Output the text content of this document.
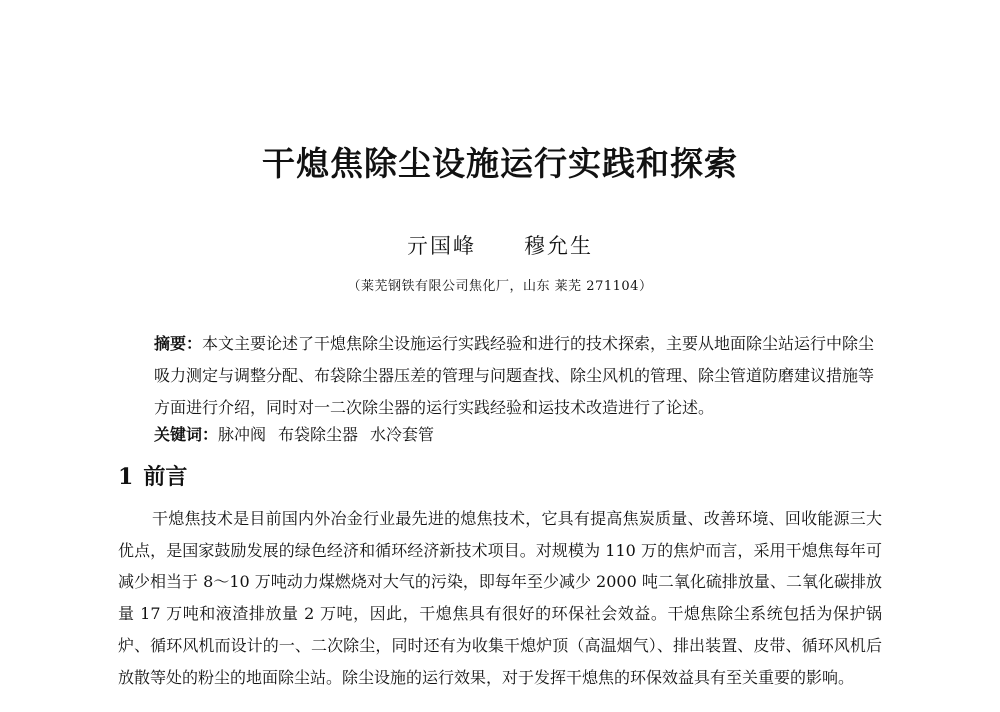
干熄焦除尘设施运行实践和探索
亓国峰 穆允生
（莱芜钢铁有限公司焦化厂，山东 莱芜 271104）

摘要：本文主要论述了干熄焦除尘设施运行实践经验和进行的技术探索，主要从地面除尘站运行中除尘吸力测定与调整分配、布袋除尘器压差的管理与问题查找、除尘风机的管理、除尘管道防磨建议措施等方面进行介绍，同时对一二次除尘器的运行实践经验和运技术改造进行了论述。

关键词：脉冲阀 布袋除尘器 水冷套管

1 前言

干熄焦技术是目前国内外冶金行业最先进的熄焦技术，它具有提高焦炭质量、改善环境、回收能源三大优点，是国家鼓励发展的绿色经济和循环经济新技术项目。对规模为 110 万的焦炉而言，采用干熄焦每年可减少相当于 8～10 万吨动力煤燃烧对大气的污染，即每年至少减少 2000 吨二氧化硫排放量、二氧化碳排放量 17 万吨和液渣排放量 2 万吨，因此，干熄焦具有很好的环保社会效益。干熄焦除尘系统包括为保护锅炉、循环风机而设计的一、二次除尘，同时还有为收集干熄炉顶（高温烟气）、排出装置、皮带、循环风机后放散等处的粉尘的地面除尘站。除尘设施的运行效果，对于发挥干熄焦的环保效益具有至关重要的影响。
